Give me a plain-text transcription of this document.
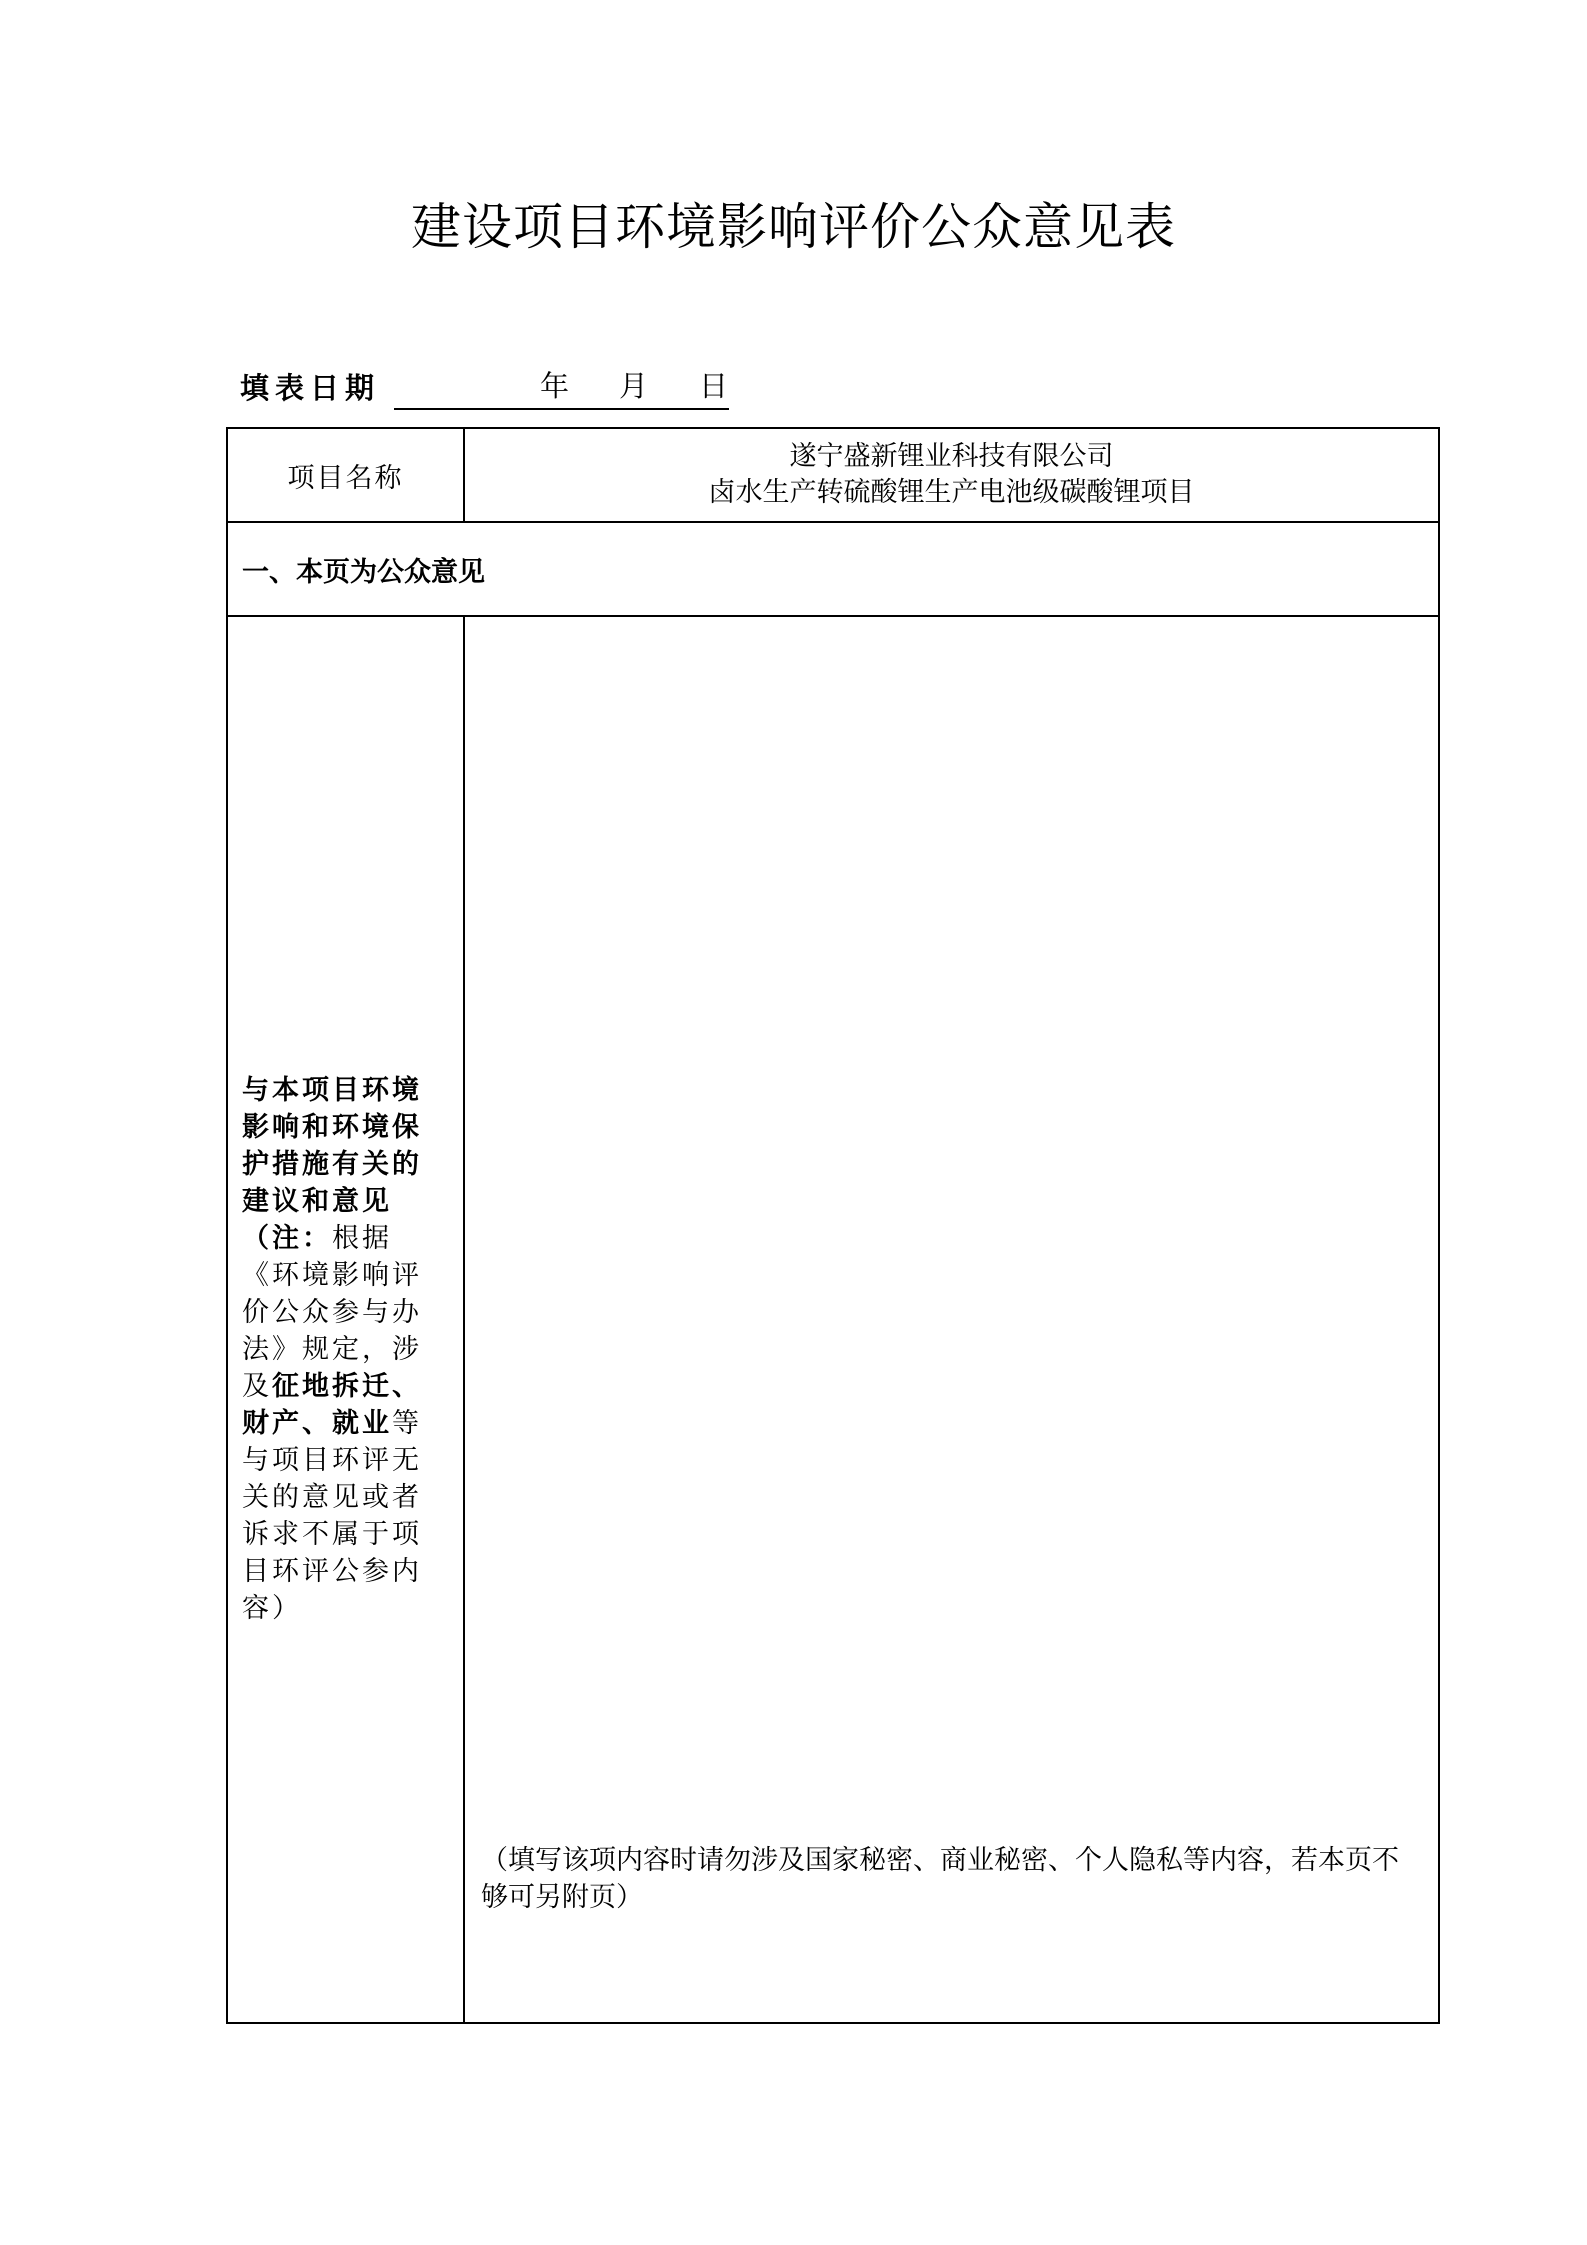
建设项目环境影响评价公众意见表
填表日期	年 月 日
项目名称	遂宁盛新锂业科技有限公司
卤水生产转硫酸锂生产电池级碳酸锂项目

一、本页为公众意见	

与本项目环境影响和环境保护措施有关的建议和意见（注：根据《环境影响评价公众参与办法》规定，涉及征地拆迁、财产、就业等与项目环评无关的意见或者诉求不属于项目环评公参内容）	（填写该项内容时请勿涉及国家秘密、商业秘密、个人隐私等内容，若本页不够可另附页）
